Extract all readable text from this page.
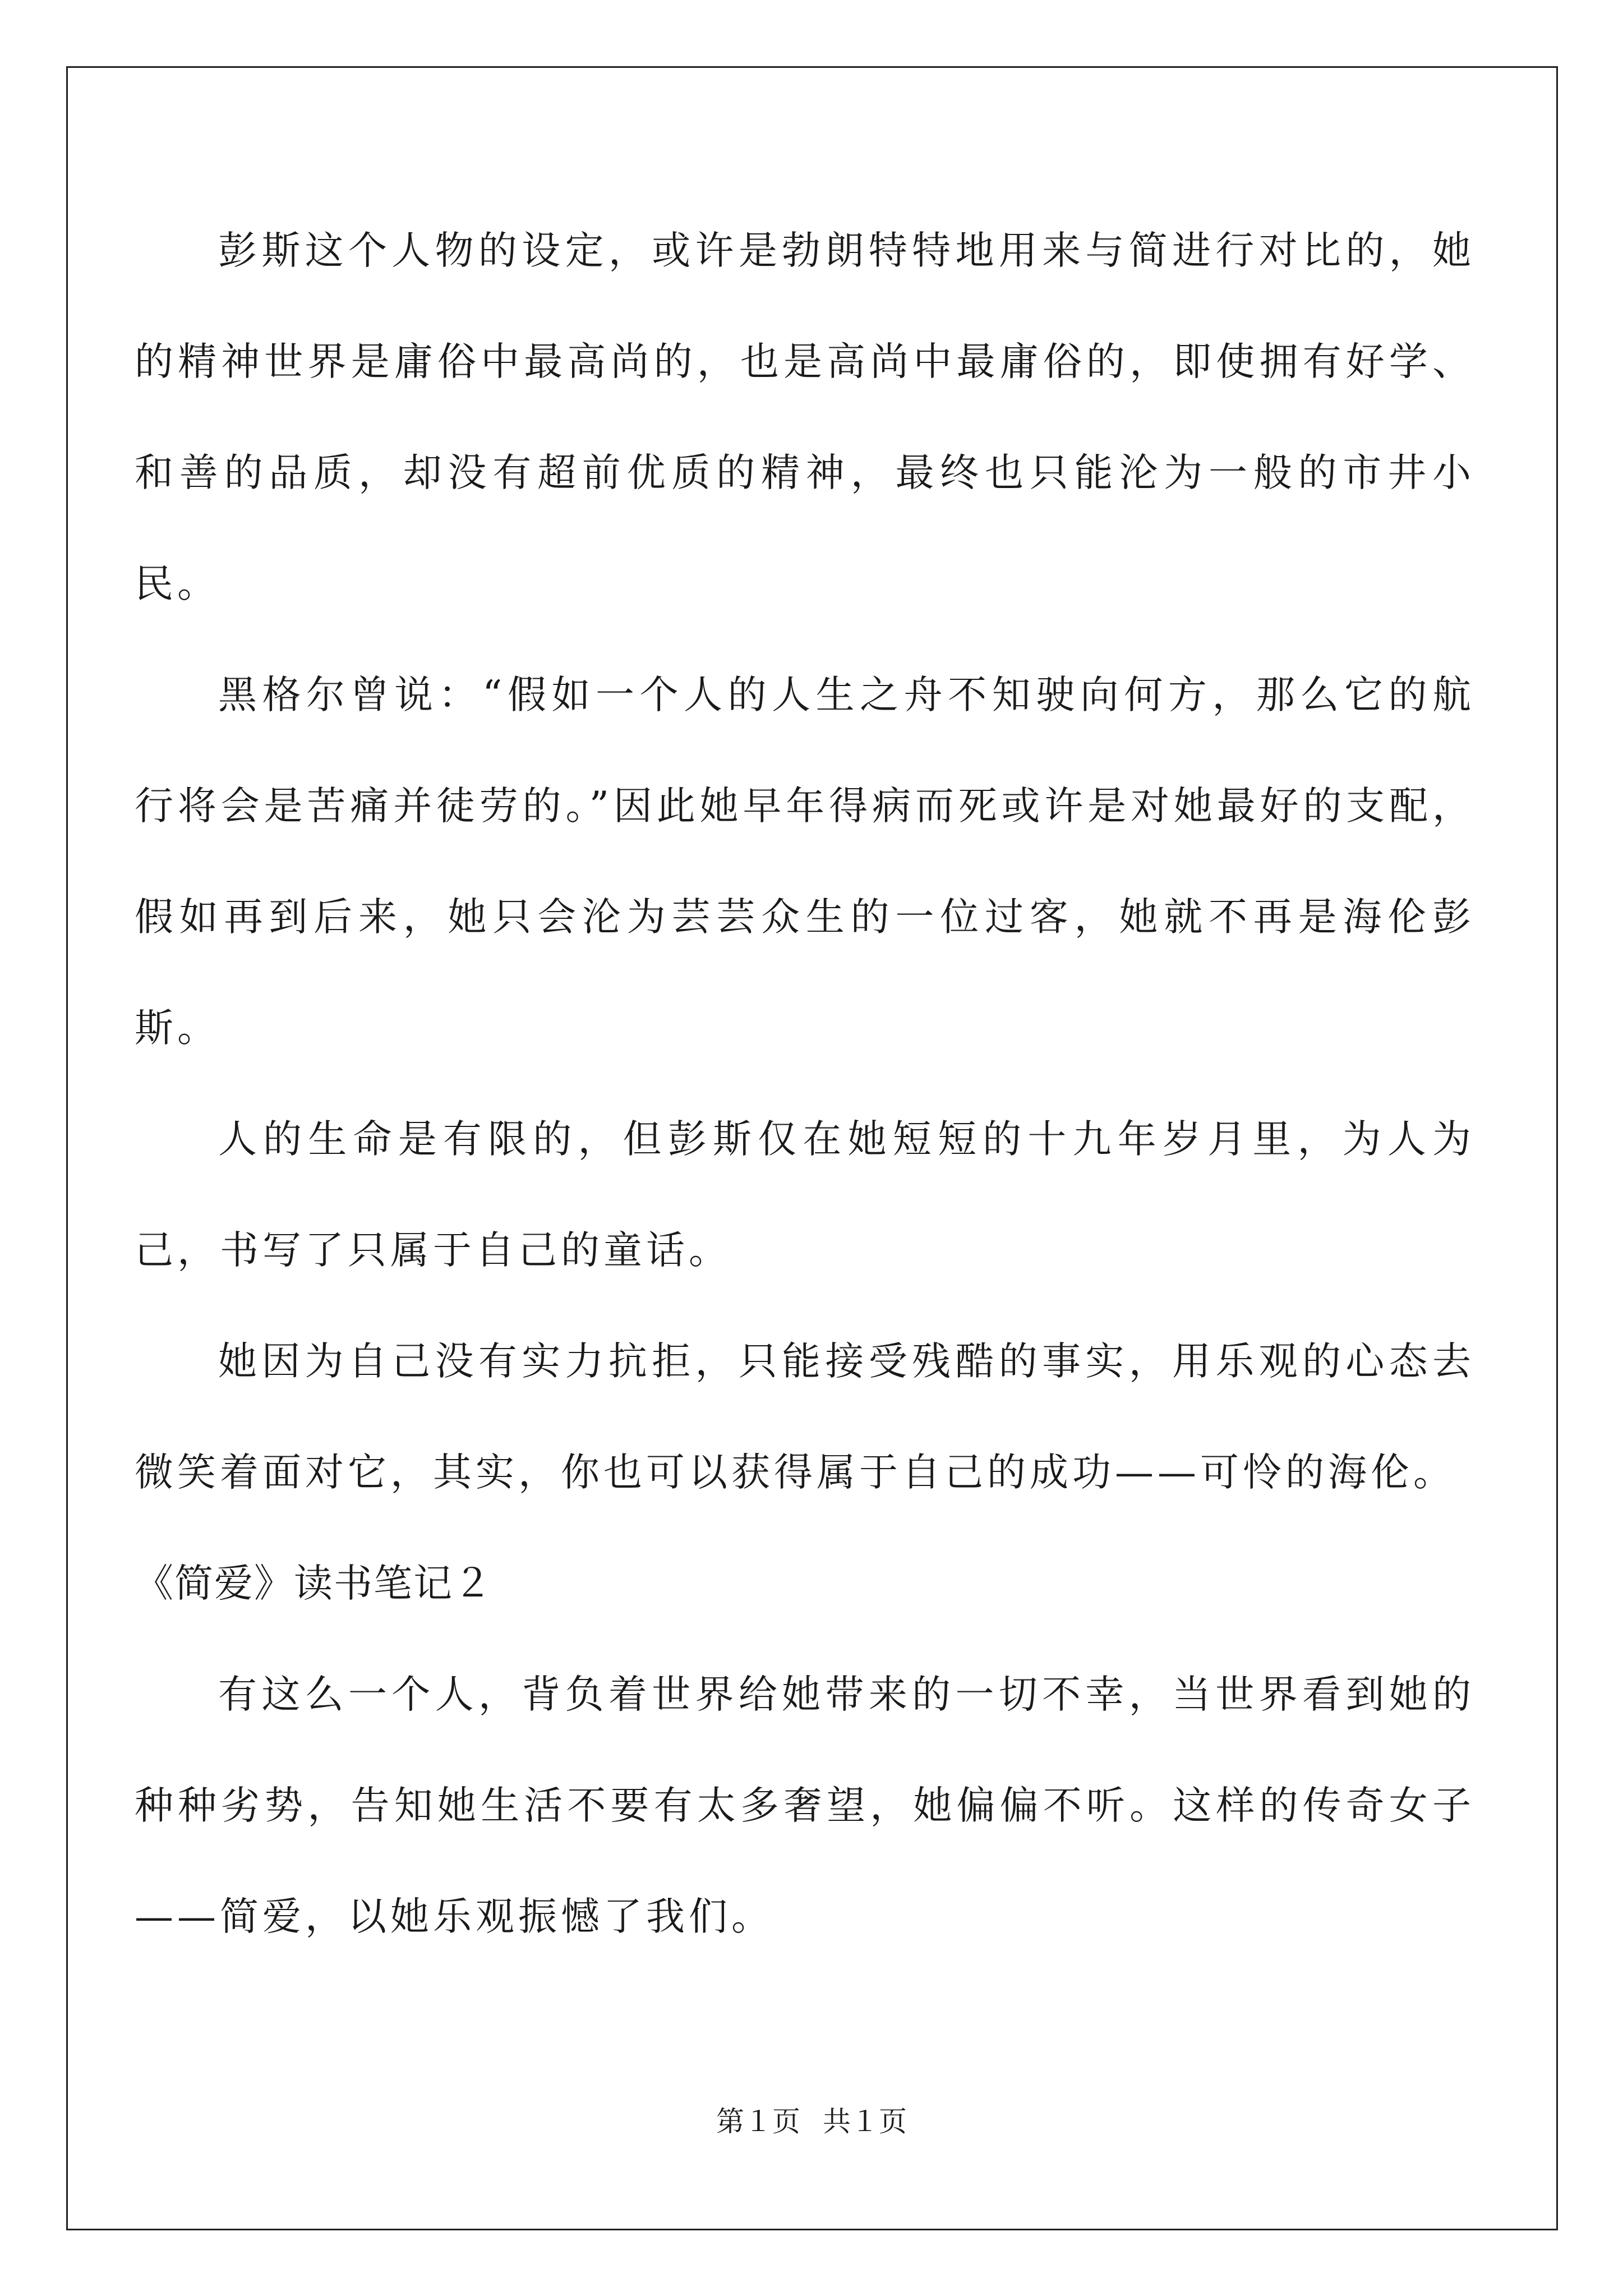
彭斯这个人物的设定，或许是勃朗特特地用来与简进行对比的，她的精神世界是庸俗中最高尚的，也是高尚中最庸俗的，即使拥有好学、和善的品质，却没有超前优质的精神，最终也只能沦为一般的市井小民。

黑格尔曾说：“假如一个人的人生之舟不知驶向何方，那么它的航行将会是苦痛并徒劳的。”因此她早年得病而死或许是对她最好的支配，假如再到后来，她只会沦为芸芸众生的一位过客，她就不再是海伦彭斯。

人的生命是有限的，但彭斯仅在她短短的十九年岁月里，为人为己，书写了只属于自己的童话。

她因为自己没有实力抗拒，只能接受残酷的事实，用乐观的心态去微笑着面对它，其实，你也可以获得属于自己的成功——可怜的海伦。

《简爱》读书笔记２

有这么一个人，背负着世界给她带来的一切不幸，当世界看到她的种种劣势，告知她生活不要有太多奢望，她偏偏不听。这样的传奇女子——简爱，以她乐观振憾了我们。

第１页 共１页
